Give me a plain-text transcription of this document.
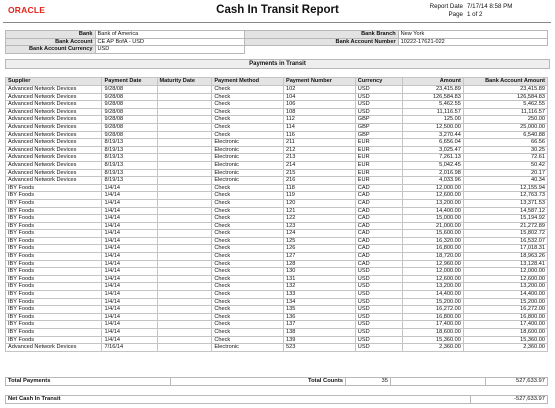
ORACLE	Cash In Transit Report	Report Date 7/17/14 8:58 PM
Page 1 of 2
Bank	Bank of America	Bank Branch	New York
Bank Account	CE AP BofA - USD	Bank Account Number	10222-17621-022
Bank Account Currency	USD		
Payments in Transit
Supplier	Payment Date	Maturity Date	Payment Method	Payment Number	Currency	Amount	Bank Account Amount
Advanced Network Devices	9/28/08		Check	102	USD	23,415.89	23,415.89
Advanced Network Devices	9/28/08		Check	104	USD	126,584.83	126,584.83
Advanced Network Devices	9/28/08		Check	106	USD	5,462.55	5,462.55
Advanced Network Devices	9/28/08		Check	108	USD	11,116.57	11,116.57
Advanced Network Devices	9/28/08		Check	112	GBP	125.00	250.00
Advanced Network Devices	9/28/08		Check	114	GBP	12,500.00	25,000.00
Advanced Network Devices	9/28/08		Check	116	GBP	3,270.44	6,540.88
Advanced Network Devices	8/19/13		Electronic	211	EUR	6,656.04	66.56
Advanced Network Devices	8/19/13		Electronic	212	EUR	3,025.47	30.25
Advanced Network Devices	8/19/13		Electronic	213	EUR	7,261.13	72.61
Advanced Network Devices	8/19/13		Electronic	214	EUR	5,042.45	50.42
Advanced Network Devices	8/19/13		Electronic	215	EUR	2,016.98	20.17
Advanced Network Devices	8/19/13		Electronic	216	EUR	4,033.96	40.34
IBY Foods	1/4/14		Check	118	CAD	12,000.00	12,155.94
IBY Foods	1/4/14		Check	119	CAD	12,600.00	12,763.73
IBY Foods	1/4/14		Check	120	CAD	13,200.00	13,371.53
IBY Foods	1/4/14		Check	121	CAD	14,400.00	14,587.12
IBY Foods	1/4/14		Check	122	CAD	15,000.00	15,194.92
IBY Foods	1/4/14		Check	123	CAD	21,000.00	21,272.89
IBY Foods	1/4/14		Check	124	CAD	15,600.00	15,802.72
IBY Foods	1/4/14		Check	125	CAD	16,320.00	16,532.07
IBY Foods	1/4/14		Check	126	CAD	16,800.00	17,018.31
IBY Foods	1/4/14		Check	127	CAD	18,720.00	18,963.26
IBY Foods	1/4/14		Check	128	CAD	12,960.00	13,128.41
IBY Foods	1/4/14		Check	130	USD	12,000.00	12,000.00
IBY Foods	1/4/14		Check	131	USD	12,600.00	12,600.00
IBY Foods	1/4/14		Check	132	USD	13,200.00	13,200.00
IBY Foods	1/4/14		Check	133	USD	14,400.00	14,400.00
IBY Foods	1/4/14		Check	134	USD	15,200.00	15,200.00
IBY Foods	1/4/14		Check	135	USD	16,272.00	16,272.00
IBY Foods	1/4/14		Check	136	USD	16,800.00	16,800.00
IBY Foods	1/4/14		Check	137	USD	17,400.00	17,400.00
IBY Foods	1/4/14		Check	138	USD	18,600.00	18,600.00
IBY Foods	1/4/14		Check	139	USD	15,360.00	15,360.00
Advanced Network Devices	7/16/14		Electronic	523	USD	2,360.00	2,360.00
Total Payments	Total Counts	35		527,633.97
Net Cash In Transit	-527,633.97
